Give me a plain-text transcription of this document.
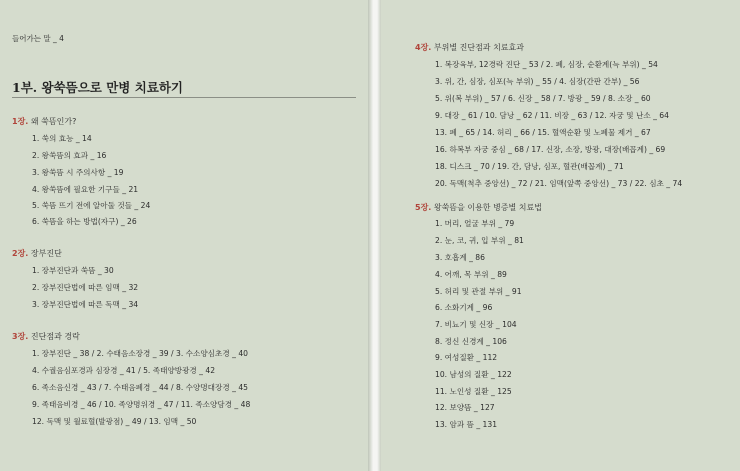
들어가는 말 _ 4
1부. 왕쑥뜸으로 만병 치료하기
1장. 왜 쑥뜸인가?
1. 쑥의 효능 _ 14
2. 왕쑥뜸의 효과 _ 16
3. 왕쑥뜸 시 주의사항 _ 19
4. 왕쑥뜸에 필요한 기구들 _ 21
5. 쑥뜸 뜨기 전에 알아둘 것들 _ 24
6. 쑥뜸을 하는 방법(자구) _ 26
2장. 장부진단
1. 장부진단과 쑥뜸 _ 30
2. 장부진단법에 따른 임맥 _ 32
3. 장부진단법에 따른 독맥 _ 34
3장. 진단점과 경락
1. 장부진단 _ 38 / 2. 수태음소장경 _ 39 / 3. 수소양심초경 _ 40
4. 수궐음심포경과 심장경 _ 41 / 5. 족태양방광경 _ 42
6. 족소음신경 _ 43 / 7. 수태음폐경 _ 44 / 8. 수양명대장경 _ 45
9. 족태음비경 _ 46 / 10. 족양명위경 _ 47 / 11. 족소양담경 _ 48
12. 독맥 및 월료혈(발광점) _ 49 / 13. 임맥 _ 50
4장. 부위별 진단점과 치료효과
1. 복장육부, 12경락 진단 _ 53 / 2. 폐, 심장, 순환계(늑 부위) _ 54
3. 위, 간, 심장, 심포(늑 부위) _ 55 / 4. 심장(간판 간부) _ 56
5. 위(복 부위) _ 57 / 6. 신장 _ 58 / 7. 방광 _ 59 / 8. 소장 _ 60
9. 대장 _ 61 / 10. 담낭 _ 62 / 11. 비장 _ 63 / 12. 자궁 및 난소 _ 64
13. 폐 _ 65 / 14. 허리 _ 66 / 15. 혈액순환 및 노폐물 제거 _ 67
16. 하복부 자궁 중심 _ 68 / 17. 신장, 소장, 방광, 대장(배꼽계) _ 69
18. 디스크 _ 70 / 19. 간, 담낭, 심포, 혈관(배꼽계) _ 71
20. 독맥(척추 중앙선) _ 72 / 21. 임맥(앞쪽 중앙선) _ 73 / 22. 심초 _ 74
5장. 왕쑥뜸을 이용한 병증별 치료법
1. 머리, 얼굴 부위 _ 79
2. 눈, 코, 귀, 입 부위 _ 81
3. 호흡계 _ 86
4. 어깨, 목 부위 _ 89
5. 허리 및 관절 부위 _ 91
6. 소화기계 _ 96
7. 비뇨기 및 신장 _ 104
8. 정신 신경계 _ 106
9. 여성질환 _ 112
10. 남성의 질환 _ 122
11. 노인성 질환 _ 125
12. 보양뜸 _ 127
13. 암과 뜸 _ 131
